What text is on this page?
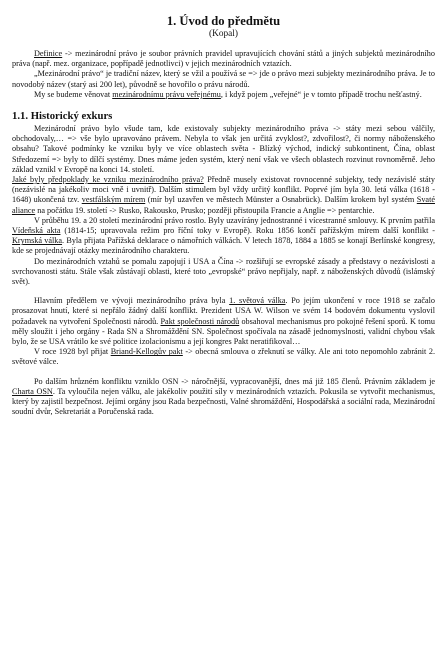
1. Úvod do předmětu
(Kopal)

Definice -> mezinárodní právo je soubor právních pravidel upravujících chování států a jiných subjektů mezinárodního práva (např. mez. organizace, popřípadě jednotlivci) v jejich mezinárodních vztazích.

„Mezinárodní právo“ je tradiční název, který se vžil a používá se => jde o právo mezi subjekty mezinárodního práva. Je to novodobý název (starý asi 200 let), původně se hovořilo o právu národů.

My se budeme věnovat mezinárodnímu právu veřejnému, i když pojem „veřejné“ je v tomto případě trochu nešťastný.

1.1. Historický exkurs

Mezinárodní právo bylo všude tam, kde existovaly subjekty mezinárodního práva -> státy mezi sebou válčily, obchodovaly,… => vše bylo upravováno právem. Nebyla to však jen určitá zvyklost?, zdvořilost?, či normy náboženského obsahu? Takové podmínky ke vzniku byly ve více oblastech světa - Blízký východ, indický subkontinent, Čína, oblast Středozemí => byly to dílčí systémy. Dnes máme jeden systém, který není však ve všech oblastech rozvinut rovnoměrně. Jeho základ vznikl v Evropě na konci 14. století.

Jaké byly předpoklady ke vzniku mezinárodního práva? Předně musely existovat rovnocenné subjekty, tedy nezávislé státy (nezávislé na jakékoliv moci vně i uvnitř). Dalším stimulem byl vždy určitý konflikt. Poprvé jím byla 30. letá válka (1618 - 1648) ukončená tzv. vestfálským mírem (mír byl uzavřen ve městech Münster a Osnabrück). Dalším krokem byl systém Svaté aliance na počátku 19. století -> Rusko, Rakousko, Prusko; později přistoupila Francie a Anglie => pentarchie.

V průběhu 19. a 20 století mezinárodní právo rostlo. Byly uzavírány jednostranné i vícestranné smlouvy. K prvním patřila Vídeňská akta (1814-15; upravovala režim pro říční toky v Evropě). Roku 1856 končí pařížským mírem další konflikt - Krymská válka. Byla přijata Pařížská deklarace o námořních válkách. V letech 1878, 1884 a 1885 se konají Berlínské kongresy, kde se projednávají otázky mezinárodního charakteru.

Do mezinárodních vztahů se pomalu zapojují i USA a Čína -> rozšiřují se evropské zásady a představy o nezávislosti a svrchovanosti státu. Stále však zůstávají oblasti, které toto „evropské“ právo nepřijaly, např. z náboženských důvodů (islámský svět).

Hlavním předělem ve vývoji mezinárodního práva byla 1. světová válka. Po jejím ukončení v roce 1918 se začalo prosazovat hnutí, které si nepřálo žádný další konflikt. Prezident USA W. Wilson ve svém 14 bodovém dokumentu vyslovil požadavek na vytvoření Společnosti národů. Pakt společnosti národů obsahoval mechanismus pro pokojné řešení sporů. K tomu měly sloužit i jeho orgány - Rada SN a Shromáždění SN. Společnost spočívala na zásadě jednomyslnosti, validní chybou však bylo, že se USA vrátilo ke své politice izolacionismu a její kongres Pakt neratifikoval…

V roce 1928 byl přijat Briand-Kellogův pakt -> obecná smlouva o zřeknutí se války. Ale ani toto nepomohlo zabránit 2. světové válce.

Po dalším hrůzném konfliktu vzniklo OSN -> náročnější, vypracovanější, dnes má již 185 členů. Právním základem je Charta OSN. Ta vyloučila nejen válku, ale jakékoliv použití síly v mezinárodních vztazích. Pokusila se vytvořit mechanismus, který by zajistil bezpečnost. Jejími orgány jsou Rada bezpečnosti, Valné shromáždění, Hospodářská a sociální rada, Mezinárodní soudní dvůr, Sekretariát a Poručenská rada.
